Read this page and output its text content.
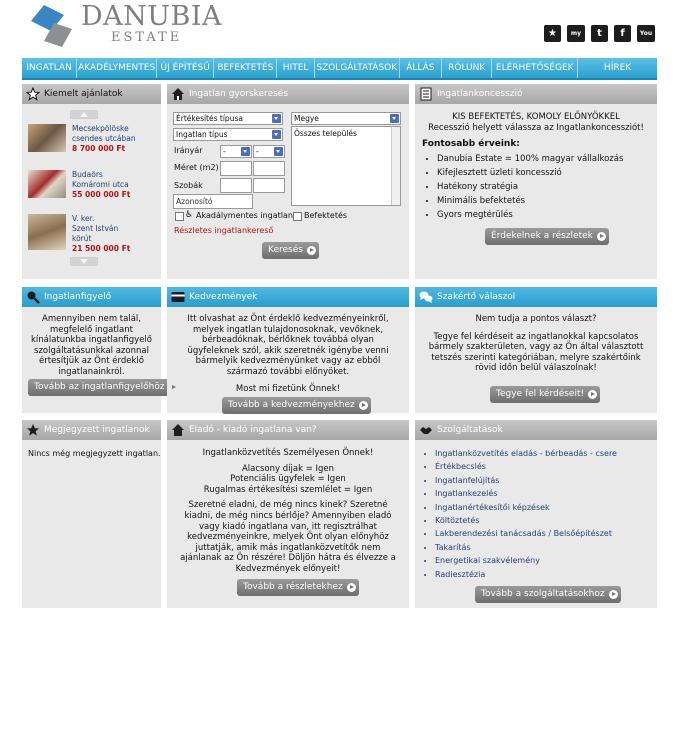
DANUBIA
ESTATE	★	my	t	f	You
INGATLAN AKADÉLYMENTES ÚJ ÉPÍTÉSŰ BEFEKTETÉS	HITEL SZOLGÁLTATÁSOK	ÁLLÁS	RÓLUNK	ELÉRHETŐSÉGEK	HÍREK
Kiemelt ajánlatok
Mecsekpölöske
csendes utcában
8 700 000 Ft
Budaörs
Komáromi utca
55 000 000 Ft
V. ker.
Szent István
körút
21 500 000 Ft
Ingatlan gyorskeresés
Értékesítés típusa	Megye
Ingatlan típus	Összes település
Irányár	-	-
Méret (m2)
Szobák
Azonosító
♿ Akadálymentes ingatlan Befektetés
Részletes ingatlankereső
Keresés
Ingatlankoncesszió
KIS BEFEKTETÉS, KOMOLY ELŐNYÖKKEL
Recesszió helyett válassza az Ingatlankoncessziót!
Fontosabb érveink:
• Danubia Estate = 100% magyar vállalkozás
• Kifejlesztett üzleti koncesszió
• Hatékony stratégia
• Minimális befektetés
• Gyors megtérülés
Érdekelnek a részletek
Ingatlanfigyelő
Amennyiben nem talál, megfelelő ingatlant kínálatunkba ingatlanfigyelő szolgáltatásunkkal azonnal értesítjük az Önt érdeklő ingatlanainkról.
Tovább az ingatlanfigyelőhöz
Kedvezmények
Itt olvashat az Önt érdeklő kedvezményeinkről, melyek ingatlan tulajdonosoknak, vevőknek, bérbeadóknak, bérlőknek továbbá olyan ügyfeleknek szól, akik szeretnék igénybe venni bármelyik kedvezményünket vagy az ebből származó további előnyöket.
Most mi fizetünk Önnek!
Tovább a kedvezményekhez
Szakértő válaszol
Nem tudja a pontos választ?
Tegye fel kérdéseit az ingatlanokkal kapcsolatos bármely szakterületen, vagy az Ön által választott tetszés szerinti kategóriában, melyre szakértőink rövid időn belül válaszolnak!
Tegye fel kérdéseit!
Megjegyzett ingatlanok
Nincs még megjegyzett ingatlan.
Eladó - kiadó ingatlana van?
Ingatlanközvetítés Személyesen Önnek!
Alacsony díjak = Igen
Potenciális ügyfelek = Igen
Rugalmas értékesítési szemlélet = Igen
Szeretné eladni, de még nincs kinek? Szeretné kiadni, de még nincs bérlője? Amennyiben eladó vagy kiadó ingatlana van, itt regisztrálhat kedvezményeinkre, melyek Önt olyan előnyhöz juttatják, amik más ingatlanközvetítők nem ajánlanak az Ön részére! Döljön hátra és élvezze a Kedvezmények előnyeit!
Tovább a részletekhez
Szolgáltatások
• Ingatlanközvetítés eladás - bérbeadás - csere
• Értékbecslés
• Ingatlanfelújítás
• Ingatlankezelés
• Ingatlanértékesítői képzések
• Költöztetés
• Lakberendezési tanácsadás / Belsőépítészet
• Takarítás
• Energetikai szakvélemény
• Radiesztézia
Tovább a szolgáltatásokhoz
